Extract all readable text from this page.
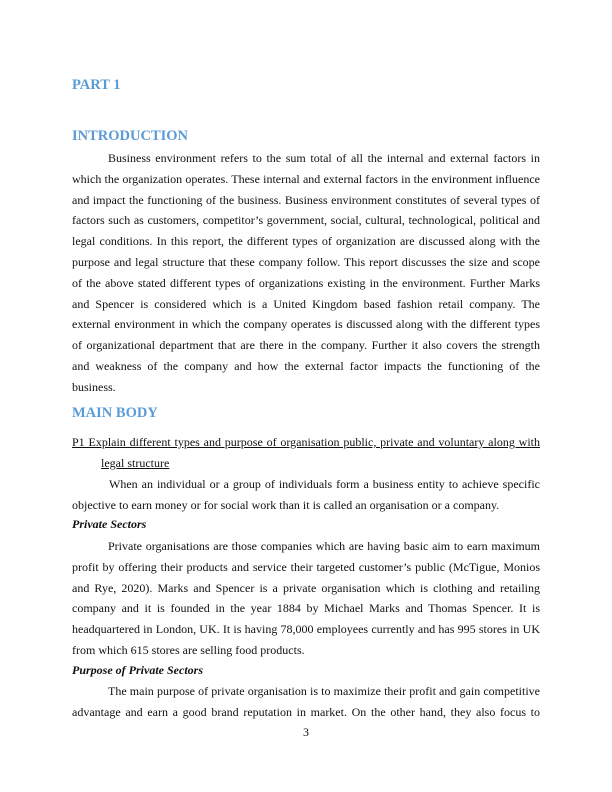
PART 1
INTRODUCTION
Business environment refers to the sum total of all the internal and external factors in
which the organization operates. These internal and external factors in the environment influence
and impact the functioning of the business. Business environment constitutes of several types of
factors such as customers, competitor’s government, social, cultural, technological, political and
legal conditions. In this report, the different types of organization are discussed along with the
purpose and legal structure that these company follow. This report discusses the size and scope
of the above stated different types of organizations existing in the environment. Further Marks
and Spencer is considered which is a United Kingdom based fashion retail company. The
external environment in which the company operates is discussed along with the different types
of organizational department that are there in the company. Further it also covers the strength
and weakness of the company and how the external factor impacts the functioning of the
business.
MAIN BODY
P1 Explain different types and purpose of organisation public, private and voluntary along with
legal structure
When an individual or a group of individuals form a business entity to achieve specific
objective to earn money or for social work than it is called an organisation or a company.
Private Sectors
Private organisations are those companies which are having basic aim to earn maximum
profit by offering their products and service their targeted customer’s public (McTigue, Monios
and Rye, 2020). Marks and Spencer is a private organisation which is clothing and retailing
company and it is founded in the year 1884 by Michael Marks and Thomas Spencer. It is
headquartered in London, UK. It is having 78,000 employees currently and has 995 stores in UK
from which 615 stores are selling food products.
Purpose of Private Sectors
The main purpose of private organisation is to maximize their profit and gain competitive
advantage and earn a good brand reputation in market. On the other hand, they also focus to
3
